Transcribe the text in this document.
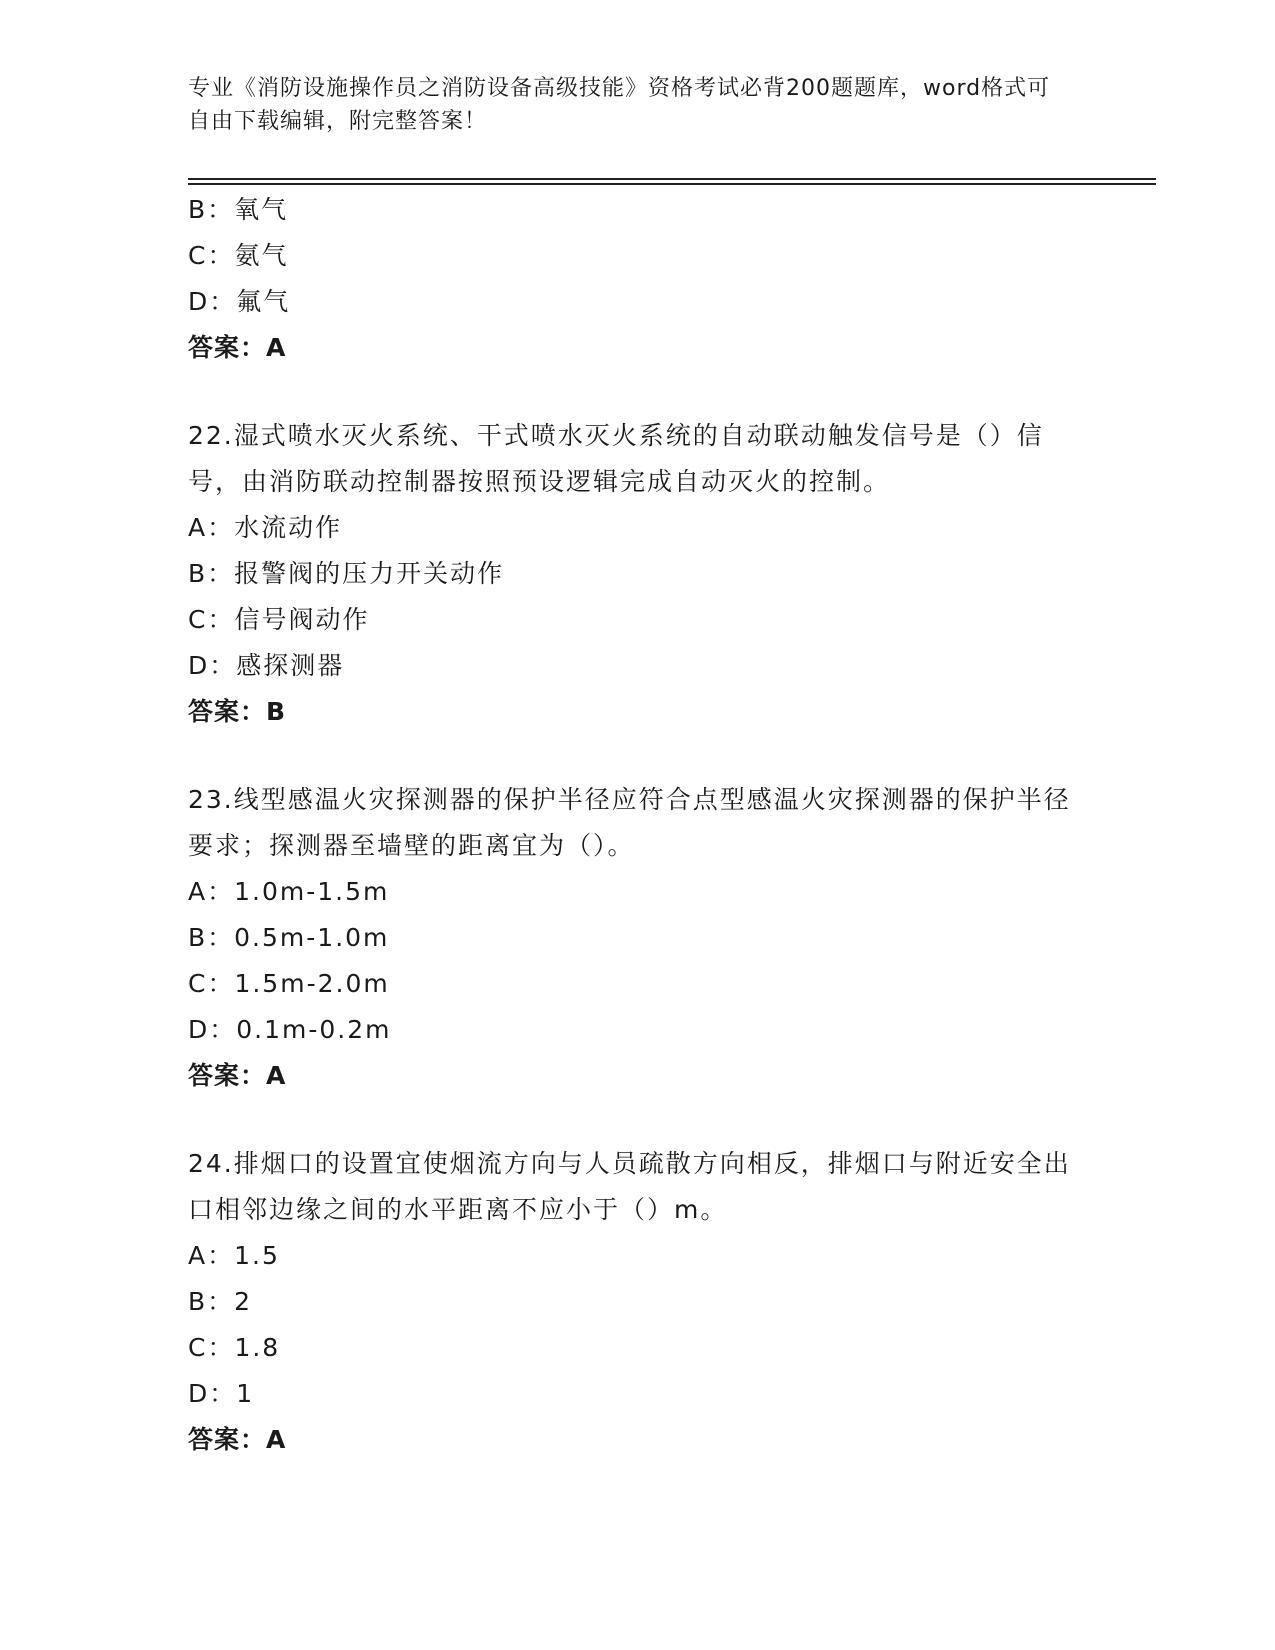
专业《消防设施操作员之消防设备高级技能》资格考试必背200题题库，word格式可自由下载编辑，附完整答案！
B：氧气
C：氨气
D：氟气
答案：A
22.湿式喷水灭火系统、干式喷水灭火系统的自动联动触发信号是（）信号，由消防联动控制器按照预设逻辑完成自动灭火的控制。
A：水流动作
B：报警阀的压力开关动作
C：信号阀动作
D：感探测器
答案：B
23.线型感温火灾探测器的保护半径应符合点型感温火灾探测器的保护半径要求；探测器至墙壁的距离宜为（）。
A：1.0m-1.5m
B：0.5m-1.0m
C：1.5m-2.0m
D：0.1m-0.2m
答案：A
24.排烟口的设置宜使烟流方向与人员疏散方向相反，排烟口与附近安全出口相邻边缘之间的水平距离不应小于（）m。
A：1.5
B：2
C：1.8
D：1
答案：A
